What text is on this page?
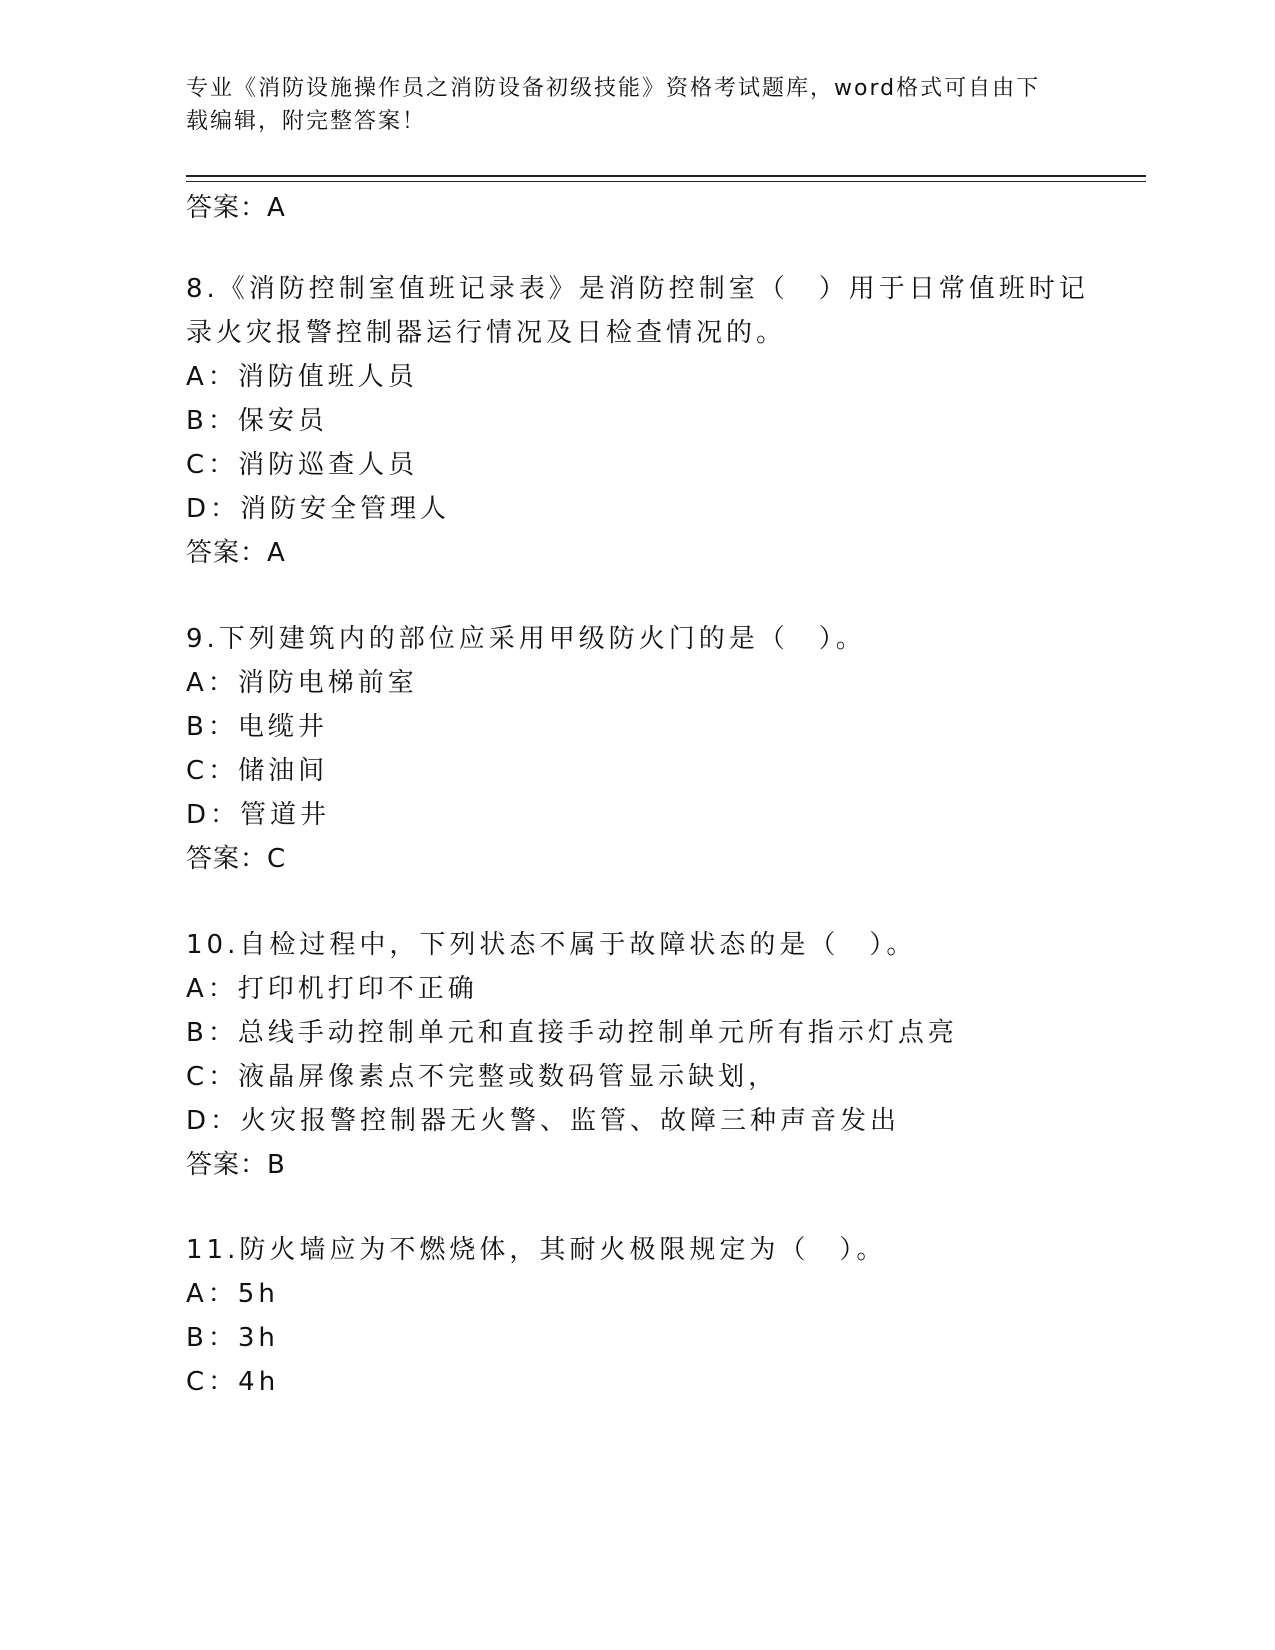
专业《消防设施操作员之消防设备初级技能》资格考试题库，word格式可自由下
载编辑，附完整答案！
答案：A
8.《消防控制室值班记录表》是消防控制室（　）用于日常值班时记
录火灾报警控制器运行情况及日检查情况的。
A：消防值班人员
B：保安员
C：消防巡查人员
D：消防安全管理人
答案：A
9.下列建筑内的部位应采用甲级防火门的是（　）。
A：消防电梯前室
B：电缆井
C：储油间
D：管道井
答案：C
10.自检过程中，下列状态不属于故障状态的是（　）。
A：打印机打印不正确
B：总线手动控制单元和直接手动控制单元所有指示灯点亮
C：液晶屏像素点不完整或数码管显示缺划，
D：火灾报警控制器无火警、监管、故障三种声音发出
答案：B
11.防火墙应为不燃烧体，其耐火极限规定为（　）。
A：5h
B：3h
C：4h
